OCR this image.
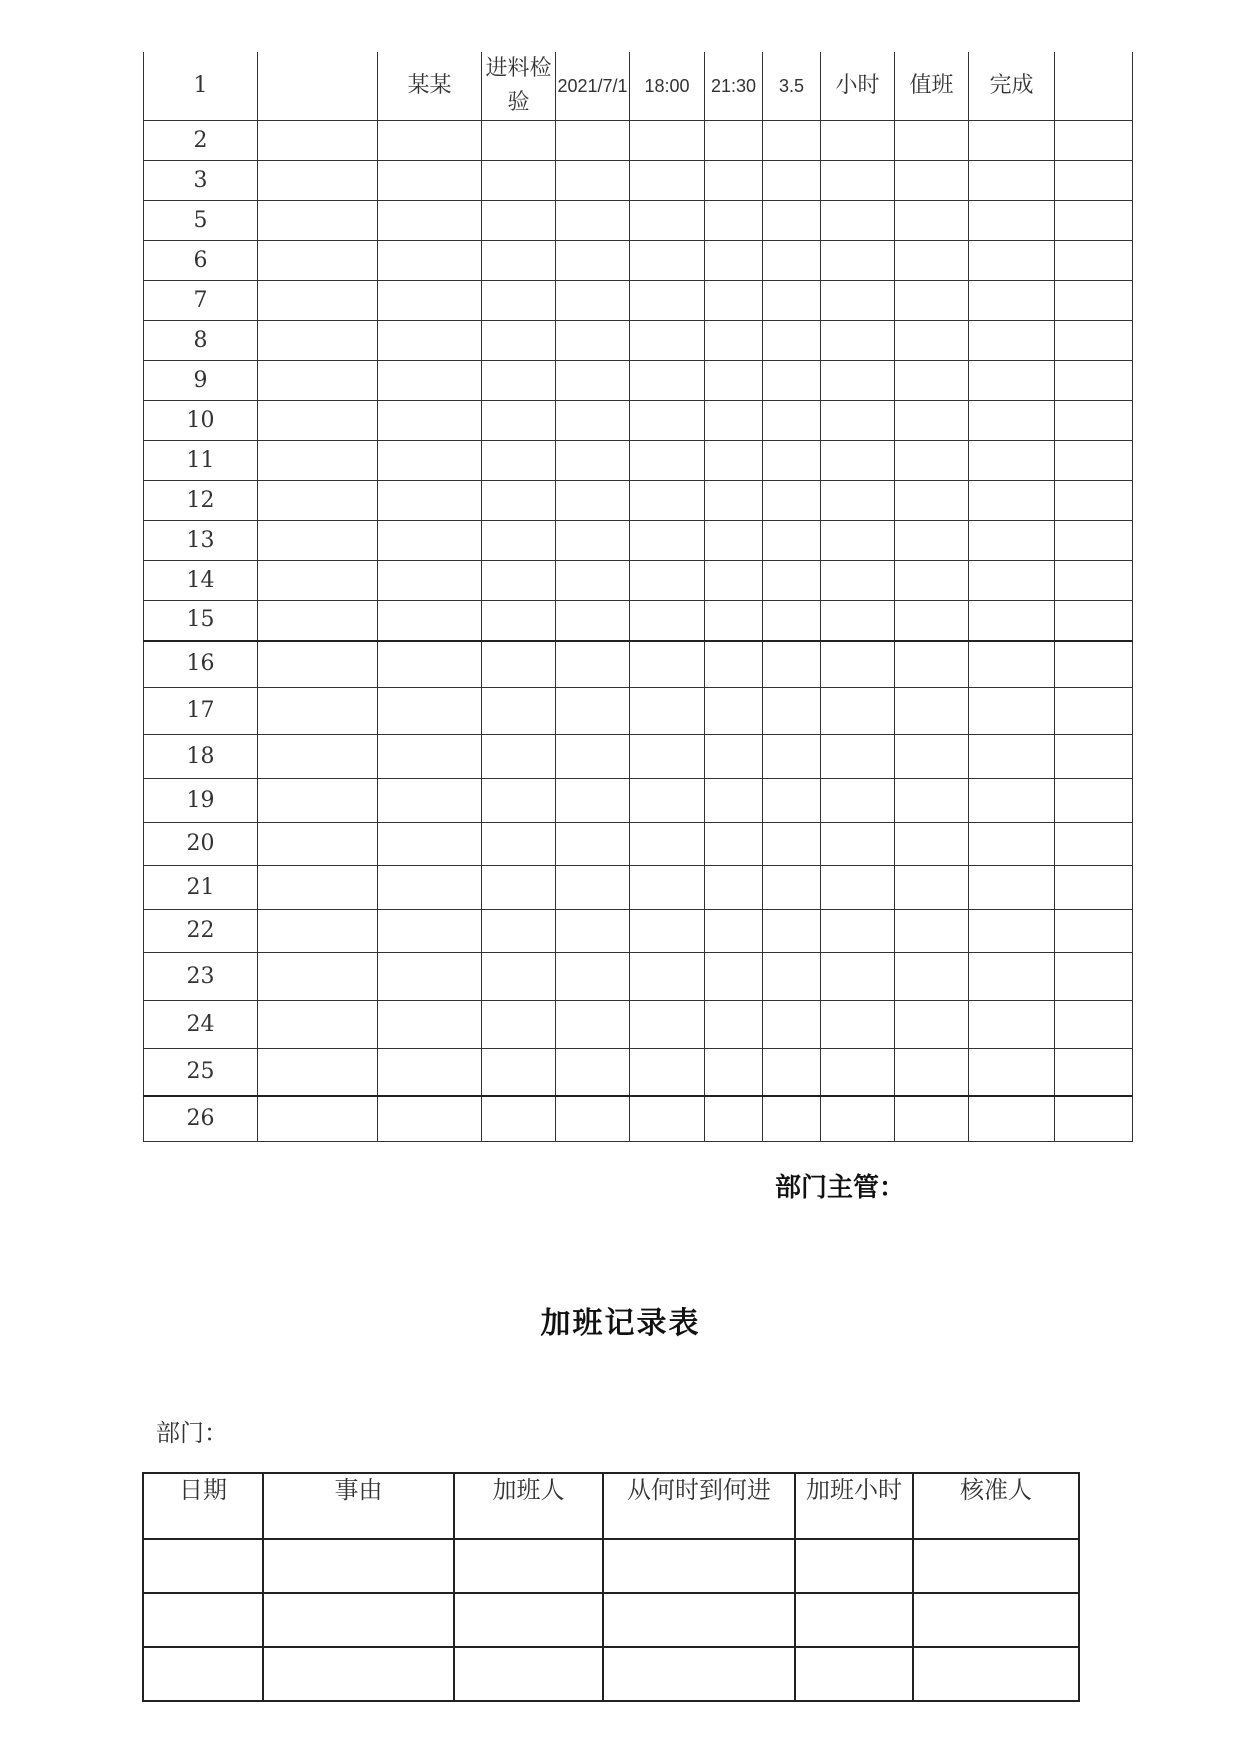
1		某某	进料检验	2021/7/1	18:00	21:30	3.5	小时	值班	完成	
2											
3											
5											
6											
7											
8											
9											
10											
11											
12											
13											
14											
15											
16											
17											
18											
19											
20											
21											
22											
23											
24											
25											
26											
部门主管：
加班记录表
部门：
日期	事由	加班人	从何时到何进	加班小时	核准人
